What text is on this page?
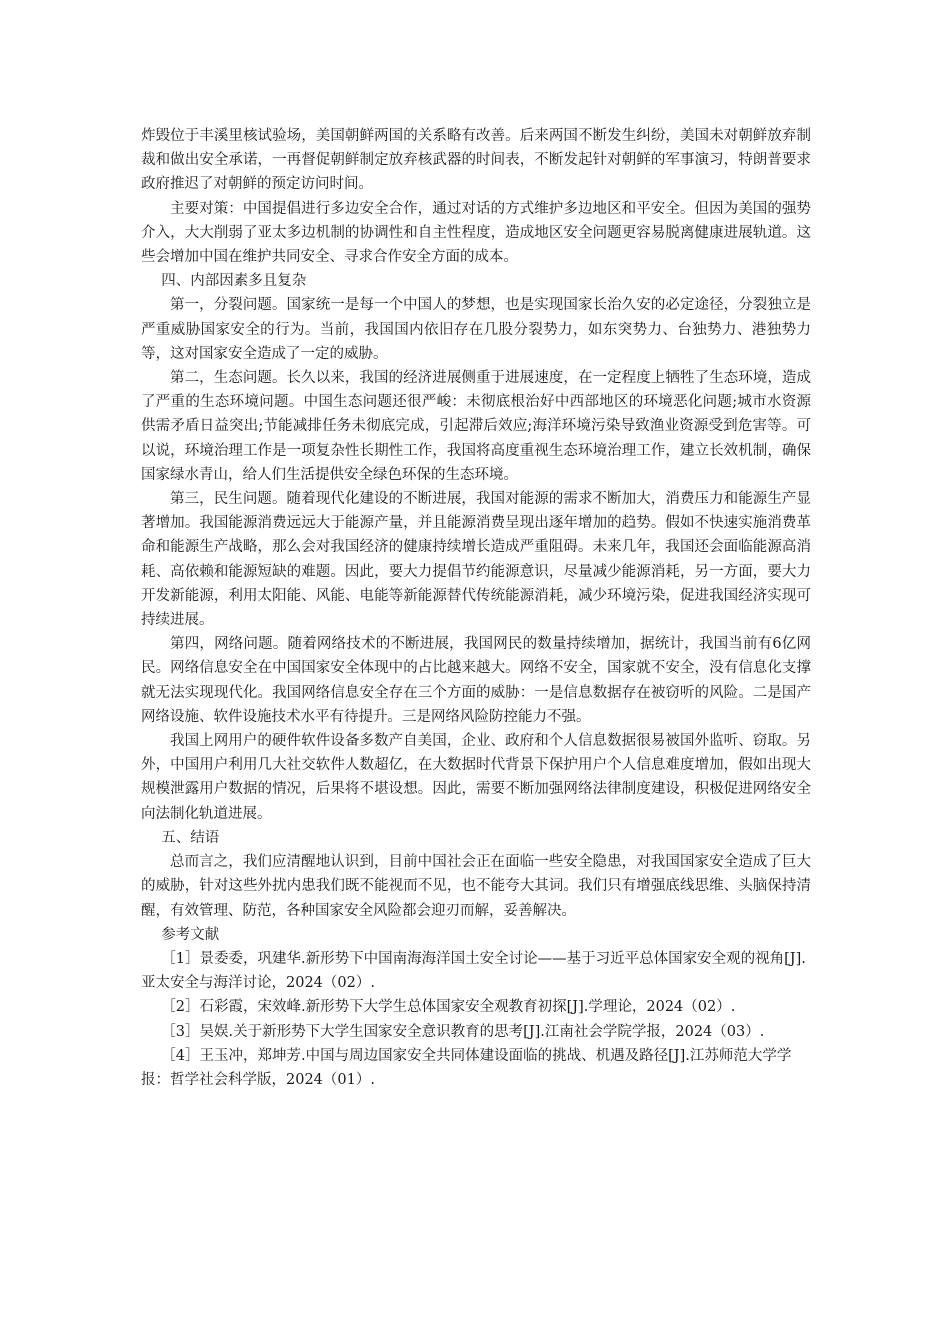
炸毁位于丰溪里核试验场，美国朝鲜两国的关系略有改善。后来两国不断发生纠纷，美国未对朝鲜放弃制裁和做出安全承诺，一再督促朝鲜制定放弃核武器的时间表，不断发起针对朝鲜的军事演习，特朗普要求政府推迟了对朝鲜的预定访问时间。

主要对策：中国提倡进行多边安全合作，通过对话的方式维护多边地区和平安全。但因为美国的强势介入，大大削弱了亚太多边机制的协调性和自主性程度，造成地区安全问题更容易脱离健康进展轨道。这些会增加中国在维护共同安全、寻求合作安全方面的成本。

四、内部因素多且复杂

第一，分裂问题。国家统一是每一个中国人的梦想，也是实现国家长治久安的必定途径，分裂独立是严重威胁国家安全的行为。当前，我国国内依旧存在几股分裂势力，如东突势力、台独势力、港独势力等，这对国家安全造成了一定的威胁。

第二，生态问题。长久以来，我国的经济进展侧重于进展速度，在一定程度上牺牲了生态环境，造成了严重的生态环境问题。中国生态问题还很严峻：未彻底根治好中西部地区的环境恶化问题;城市水资源供需矛盾日益突出;节能减排任务未彻底完成，引起滞后效应;海洋环境污染导致渔业资源受到危害等。可以说，环境治理工作是一项复杂性长期性工作，我国将高度重视生态环境治理工作，建立长效机制，确保国家绿水青山，给人们生活提供安全绿色环保的生态环境。

第三，民生问题。随着现代化建设的不断进展，我国对能源的需求不断加大，消费压力和能源生产显著增加。我国能源消费远远大于能源产量，并且能源消费呈现出逐年增加的趋势。假如不快速实施消费革命和能源生产战略，那么会对我国经济的健康持续增长造成严重阻碍。未来几年，我国还会面临能源高消耗、高依赖和能源短缺的难题。因此，要大力提倡节约能源意识，尽量减少能源消耗，另一方面，要大力开发新能源，利用太阳能、风能、电能等新能源替代传统能源消耗，减少环境污染，促进我国经济实现可持续进展。

第四，网络问题。随着网络技术的不断进展，我国网民的数量持续增加，据统计，我国当前有6亿网民。网络信息安全在中国国家安全体现中的占比越来越大。网络不安全，国家就不安全，没有信息化支撑就无法实现现代化。我国网络信息安全存在三个方面的威胁：一是信息数据存在被窃听的风险。二是国产网络设施、软件设施技术水平有待提升。三是网络风险防控能力不强。

我国上网用户的硬件软件设备多数产自美国，企业、政府和个人信息数据很易被国外监听、窃取。另外，中国用户利用几大社交软件人数超亿，在大数据时代背景下保护用户个人信息难度增加，假如出现大规模泄露用户数据的情况，后果将不堪设想。因此，需要不断加强网络法律制度建设，积极促进网络安全向法制化轨道进展。

五、结语

总而言之，我们应清醒地认识到，目前中国社会正在面临一些安全隐患，对我国国家安全造成了巨大的威胁，针对这些外扰内患我们既不能视而不见，也不能夸大其词。我们只有增强底线思维、头脑保持清醒，有效管理、防范，各种国家安全风险都会迎刃而解，妥善解决。

参考文献

［1］景委委，巩建华.新形势下中国南海海洋国土安全讨论——基于习近平总体国家安全观的视角[J].亚太安全与海洋讨论，2024（02）.

［2］石彩霞，宋效峰.新形势下大学生总体国家安全观教育初探[J].学理论，2024（02）.

［3］吴娱.关于新形势下大学生国家安全意识教育的思考[J].江南社会学院学报，2024（03）.

［4］王玉冲，郑坤芳.中国与周边国家安全共同体建设面临的挑战、机遇及路径[J].江苏师范大学学报：哲学社会科学版，2024（01）.
